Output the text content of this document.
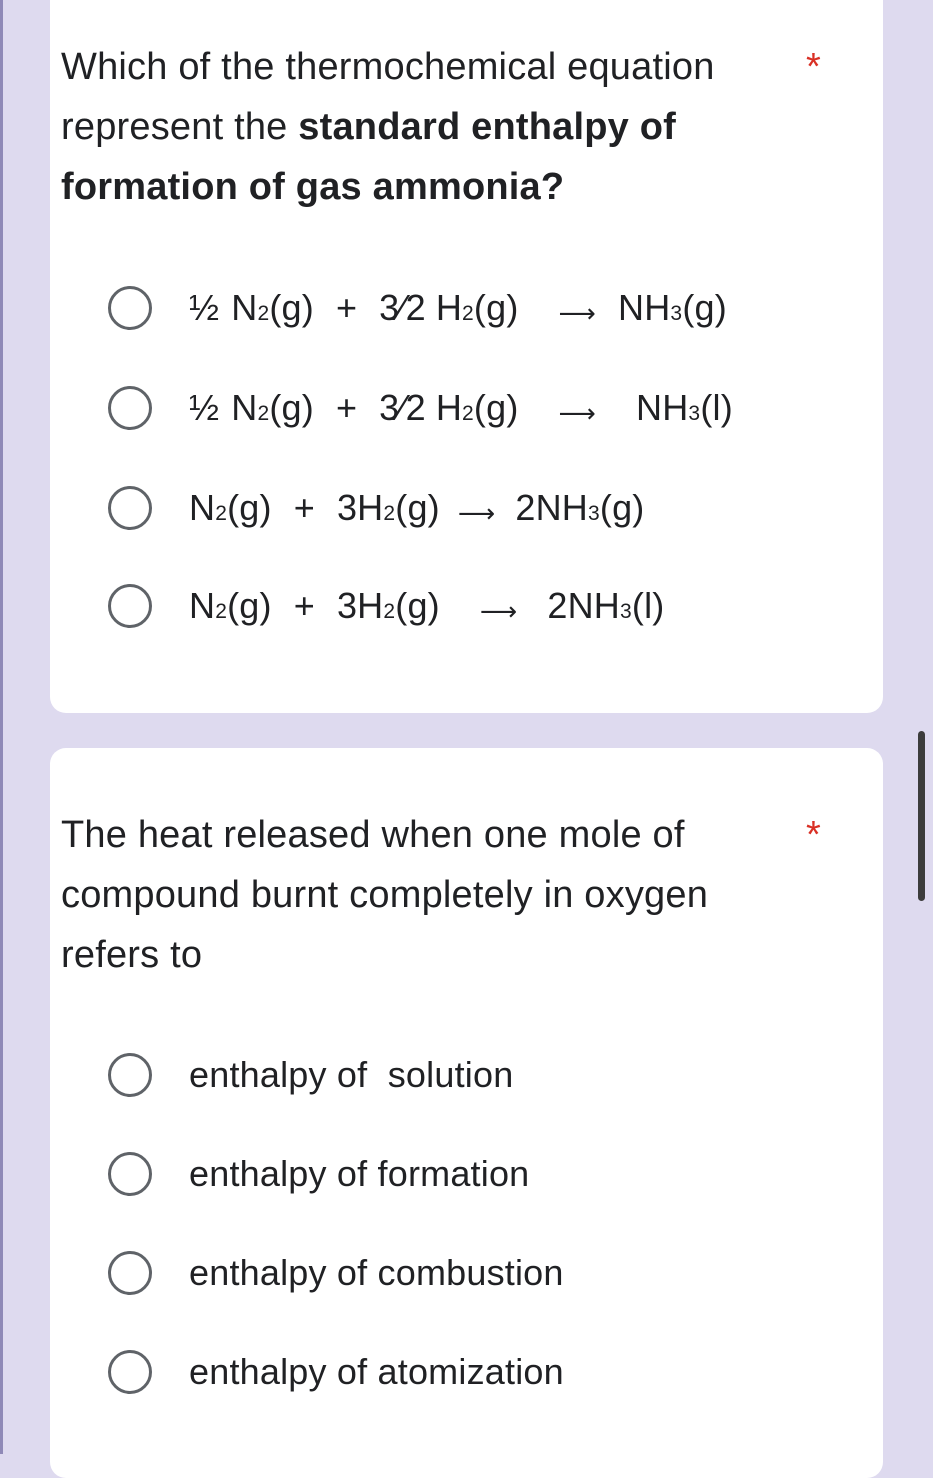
Which of the thermochemical equation
represent the standard enthalpy of
formation of gas ammonia?
*
½ N 2 (g) + 3⁄2 H 2 (g) ⟶ NH 3 (g)
½ N 2 (g) + 3⁄2 H 2 (g) ⟶ NH 3 (l)
N 2 (g) + 3 H 2 (g) ⟶ 2NH 3 (g)
N 2 (g) + 3 H 2 (g) ⟶ 2NH 3 (l)
The heat released when one mole of compound burnt completely in oxygen refers to
*
enthalpy of  solution
enthalpy of formation
enthalpy of combustion
enthalpy of atomization
